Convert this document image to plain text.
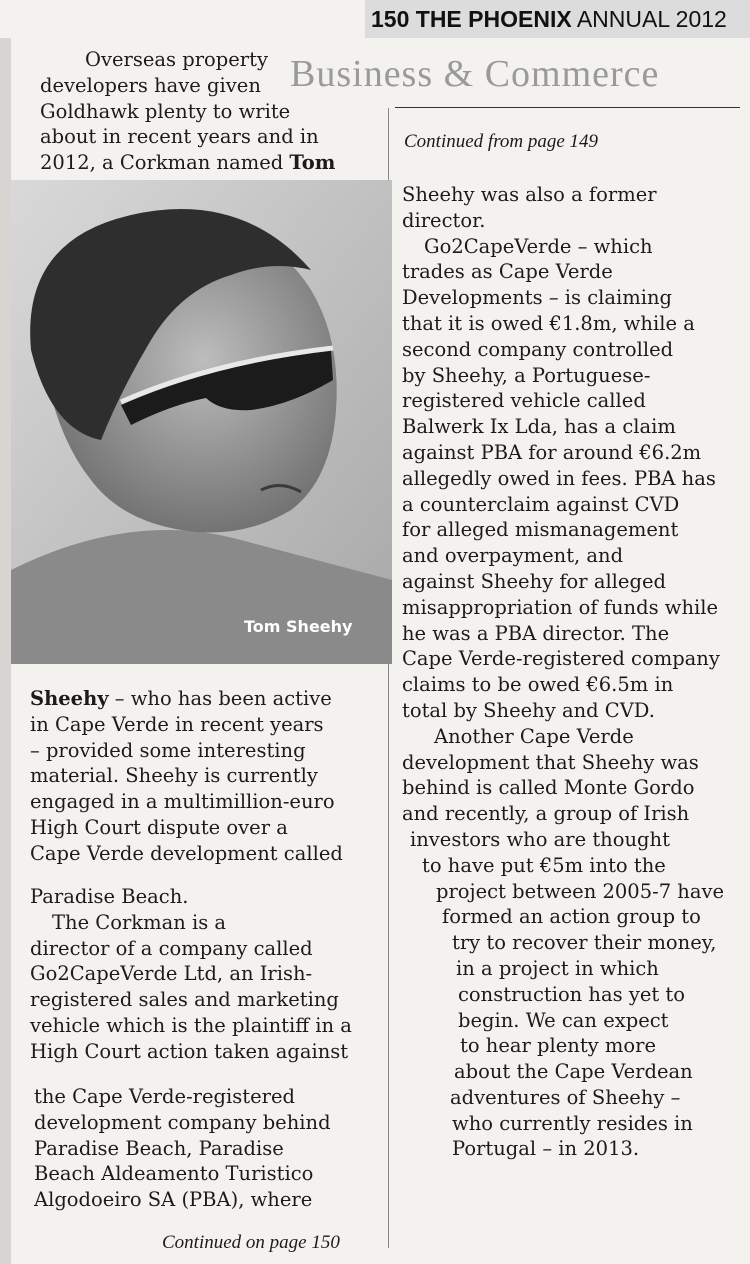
150 THE PHOENIX ANNUAL 2012
Business & Commerce
Overseas property
developers have given
Goldhawk plenty to write
about in recent years and in
2012, a Corkman named Tom
Tom Sheehy
Sheehy – who has been active
in Cape Verde in recent years
– provided some interesting
material. Sheehy is currently
engaged in a multimillion-euro
High Court dispute over a
Cape Verde development called
Paradise Beach.
The Corkman is a
director of a company called
Go2CapeVerde Ltd, an Irish-
registered sales and marketing
vehicle which is the plaintiff in a
High Court action taken against
the Cape Verde-registered
development company behind
Paradise Beach, Paradise
Beach Aldeamento Turistico
Algodoeiro SA (PBA), where
Continued on page 150
Continued from page 149
Sheehy was also a former
director.
Go2CapeVerde – which
trades as Cape Verde
Developments – is claiming
that it is owed €1.8m, while a
second company controlled
by Sheehy, a Portuguese-
registered vehicle called
Balwerk Ix Lda, has a claim
against PBA for around €6.2m
allegedly owed in fees. PBA has
a counterclaim against CVD
for alleged mismanagement
and overpayment, and
against Sheehy for alleged
misappropriation of funds while
he was a PBA director. The
Cape Verde-registered company
claims to be owed €6.5m in
total by Sheehy and CVD.
Another Cape Verde
development that Sheehy was
behind is called Monte Gordo
and recently, a group of Irish
investors who are thought
to have put €5m into the
project between 2005-7 have
formed an action group to
try to recover their money,
in a project in which
construction has yet to
begin. We can expect
to hear plenty more
about the Cape Verdean
adventures of Sheehy –
who currently resides in
Portugal – in 2013.
